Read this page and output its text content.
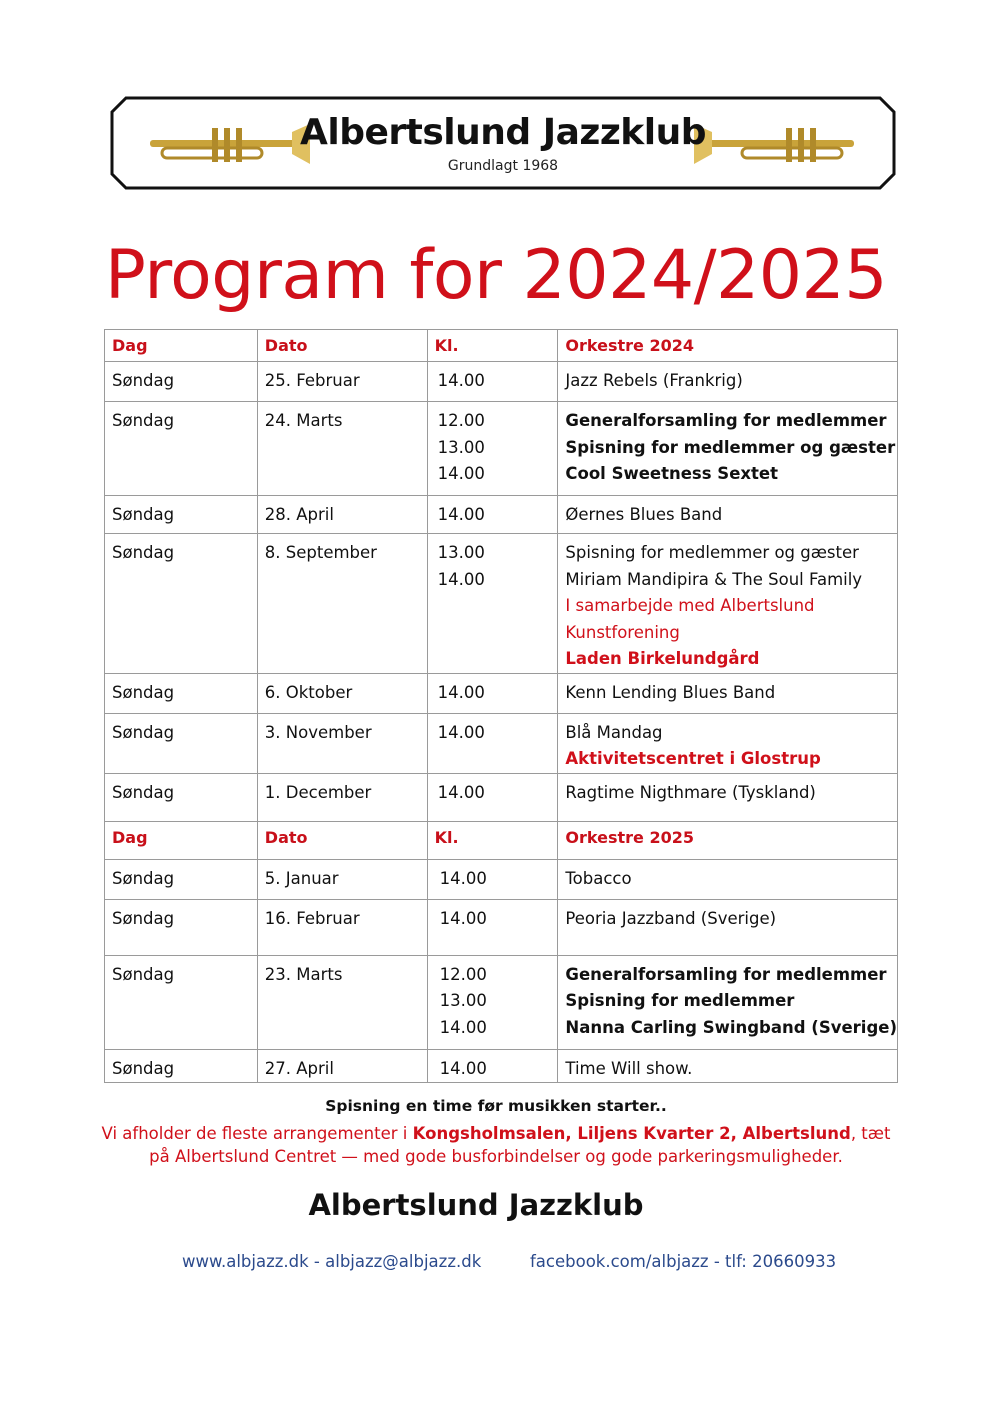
Albertslund Jazzklub
Grundlagt 1968
Program for 2024/2025
Dag	Dato	Kl.	Orkestre 2024
Søndag	25. Februar	14.00	Jazz Rebels (Frankrig)

Søndag	24. Marts	12.00
13.00
14.00	Generalforsamling for medlemmer
Spisning for medlemmer og gæster
Cool Sweetness Sextet

Søndag	28. April	14.00	Øernes Blues Band

Søndag	8. September	13.00
14.00	Spisning for medlemmer og gæster
Miriam Mandipira & The Soul Family
I samarbejde med Albertslund
Kunstforening
Laden Birkelundgård

Søndag	6. Oktober	14.00	Kenn Lending Blues Band

Søndag	3. November	14.00	Blå Mandag
Aktivitetscentret i Glostrup

Søndag	1. December	14.00	Ragtime Nigthmare (Tyskland)

Dag	Dato	Kl.	Orkestre 2025
Søndag	5. Januar	14.00	Tobacco

Søndag	16. Februar	14.00	Peoria Jazzband (Sverige)

Søndag	23. Marts	12.00
13.00
14.00	Generalforsamling for medlemmer
Spisning for medlemmer
Nanna Carling Swingband (Sverige)

Søndag	27. April	14.00	Time Will show.
Spisning en time før musikken starter..
Vi afholder de fleste arrangementer i Kongsholmsalen, Liljens Kvarter 2, Albertslund, tæt på Albertslund Centret — med gode busforbindelser og gode parkeringsmuligheder.
Albertslund Jazzklub
www.albjazz.dk - albjazz@albjazz.dk	facebook.com/albjazz - tlf: 20660933
